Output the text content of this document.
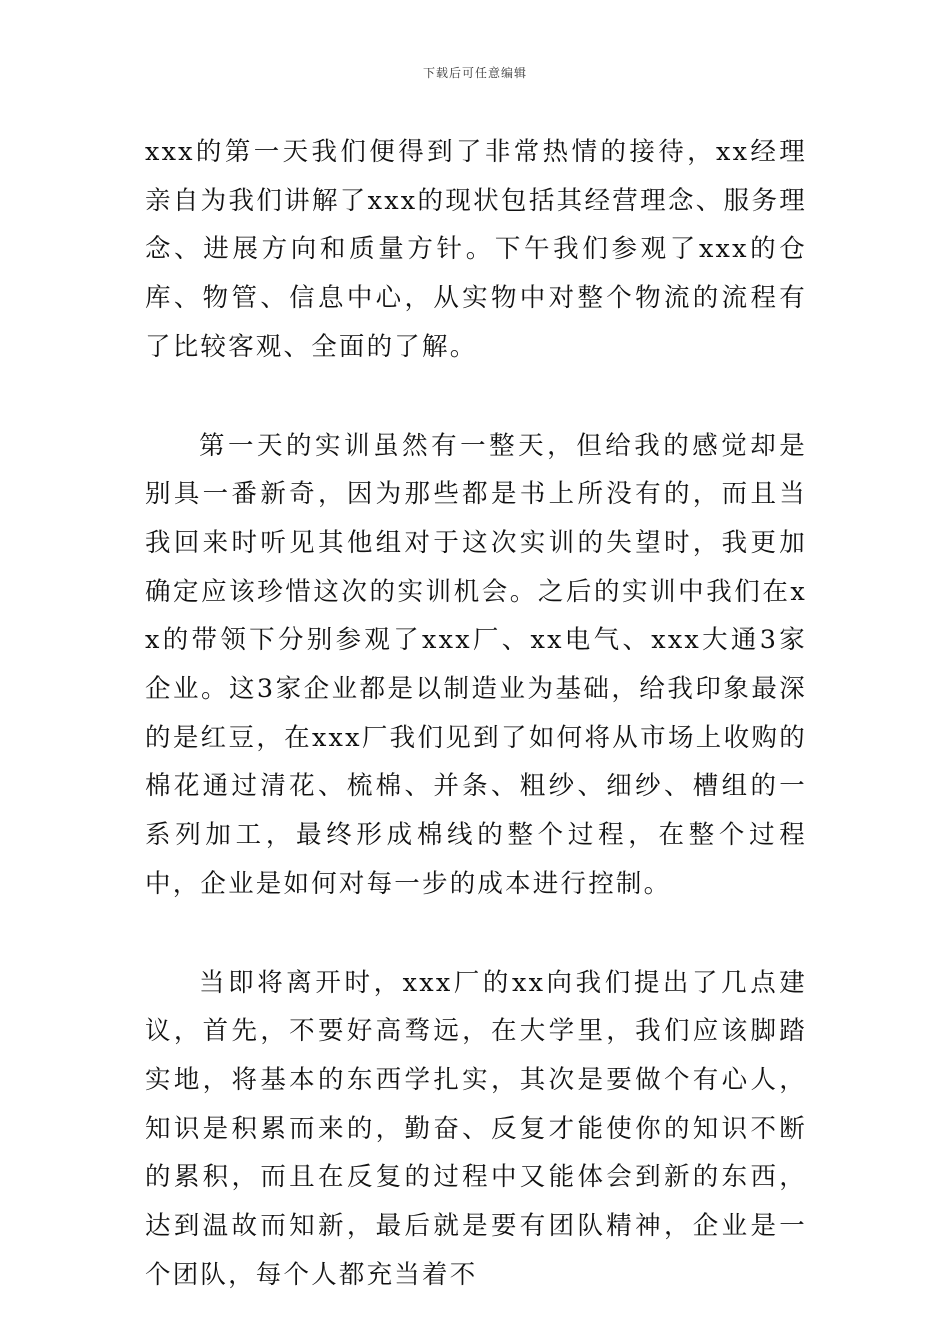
下载后可任意编辑

xxx的第一天我们便得到了非常热情的接待，xx经理亲自为我们讲解了xxx的现状包括其经营理念、服务理念、进展方向和质量方针。下午我们参观了xxx的仓库、物管、信息中心，从实物中对整个物流的流程有了比较客观、全面的了解。

第一天的实训虽然有一整天，但给我的感觉却是别具一番新奇，因为那些都是书上所没有的，而且当我回来时听见其他组对于这次实训的失望时，我更加确定应该珍惜这次的实训机会。之后的实训中我们在xx的带领下分别参观了xxx厂、xx电气、xxx大通3家企业。这3家企业都是以制造业为基础，给我印象最深的是红豆，在xxx厂我们见到了如何将从市场上收购的棉花通过清花、梳棉、并条、粗纱、细纱、槽组的一系列加工，最终形成棉线的整个过程，在整个过程中，企业是如何对每一步的成本进行控制。

当即将离开时，xxx厂的xx向我们提出了几点建议，首先，不要好高骛远，在大学里，我们应该脚踏实地，将基本的东西学扎实，其次是要做个有心人，知识是积累而来的，勤奋、反复才能使你的知识不断的累积，而且在反复的过程中又能体会到新的东西，达到温故而知新，最后就是要有团队精神，企业是一个团队，每个人都充当着不
